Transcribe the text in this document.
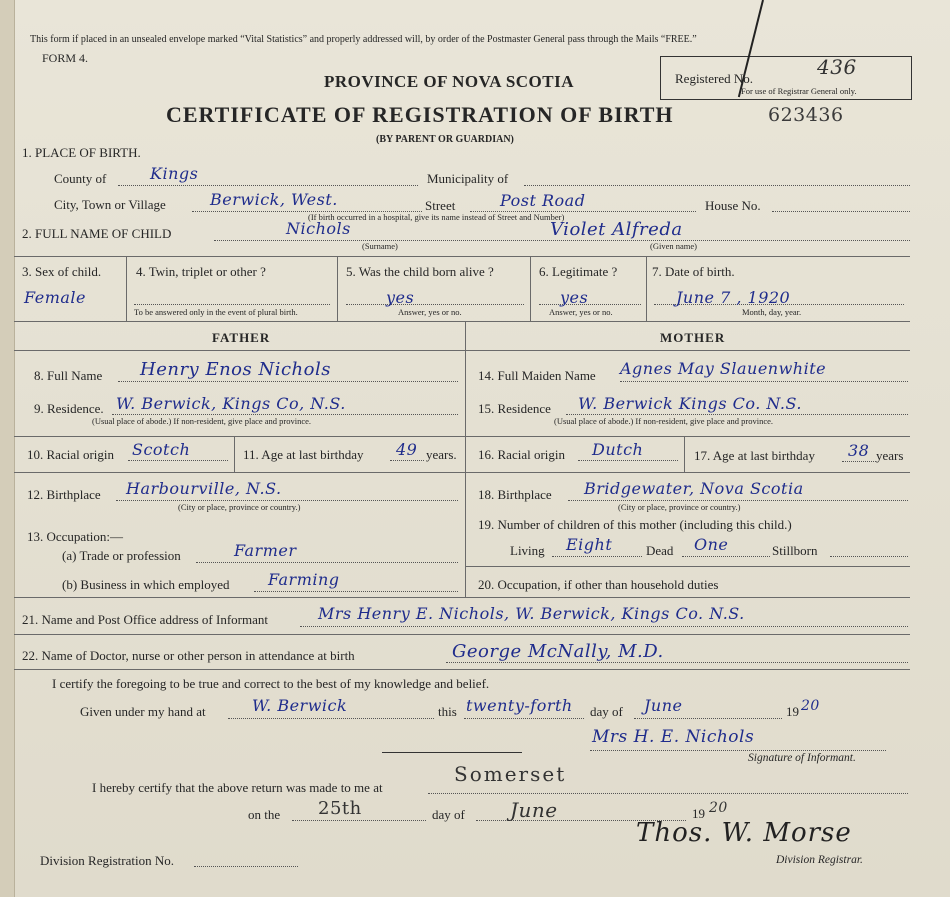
This form if placed in an unsealed envelope marked “Vital Statistics” and properly addressed will, by order of the Postmaster General pass through the Mails “FREE.”
FORM 4.
PROVINCE OF NOVA SCOTIA
CERTIFICATE OF REGISTRATION OF BIRTH
(BY PARENT OR GUARDIAN)
623436
Registered No.	436
For use of Registrar General only.
1. PLACE OF BIRTH.
County of	Kings	Municipality of
City, Town or Village	Berwick, West.	Street	Post Road	House No.
(If birth occurred in a hospital, give its name instead of Street and Number)
2. FULL NAME OF CHILD	Nichols
(Surname)
Violet Alfreda
(Given name)
3. Sex of child.
Female
4. Twin, triplet or other ?
To be answered only in the event of plural birth.
5. Was the child born alive ?
yes
Answer, yes or no.
6. Legitimate ?
yes
Answer, yes or no.
7. Date of birth.
June 7 , 1920
Month, day, year.
FATHER	MOTHER
8. Full Name Henry Enos Nichols
9. Residence. W. Berwick, Kings Co, N.S.
(Usual place of abode.) If non-resident, give place and province.
10. Racial origin Scotch	11. Age at last birthday 49 years.
12. Birthplace Harbourville, N.S.
(City or place, province or country.)
13. Occupation:—
(a) Trade or profession	Farmer
(b) Business in which employed Farming
14. Full Maiden Name Agnes May Slauenwhite
15. Residence W. Berwick Kings Co. N.S.
(Usual place of abode.) If non-resident, give place and province.
16. Racial origin Dutch	17. Age at last birthday 38 years
18. Birthplace Bridgewater, Nova Scotia
(City or place, province or country.)
19. Number of children of this mother (including this child.)
Living Eight	Dead One	Stillborn
20. Occupation, if other than household duties
21. Name and Post Office address of Informant	Mrs Henry E. Nichols, W. Berwick, Kings Co. N.S.
22. Name of Doctor, nurse or other person in attendance at birth	George McNally, M.D.
I certify the foregoing to be true and correct to the best of my knowledge and belief.
Given under my hand at	W. Berwick	this twenty-forth day of June	19 20
Mrs H. E. Nichols
Signature of Informant.
I hereby certify that the above return was made to me at
Somerset
on the 25th	day of June	19 20
Thos. W. Morse
Division Registrar.
Division Registration No.
